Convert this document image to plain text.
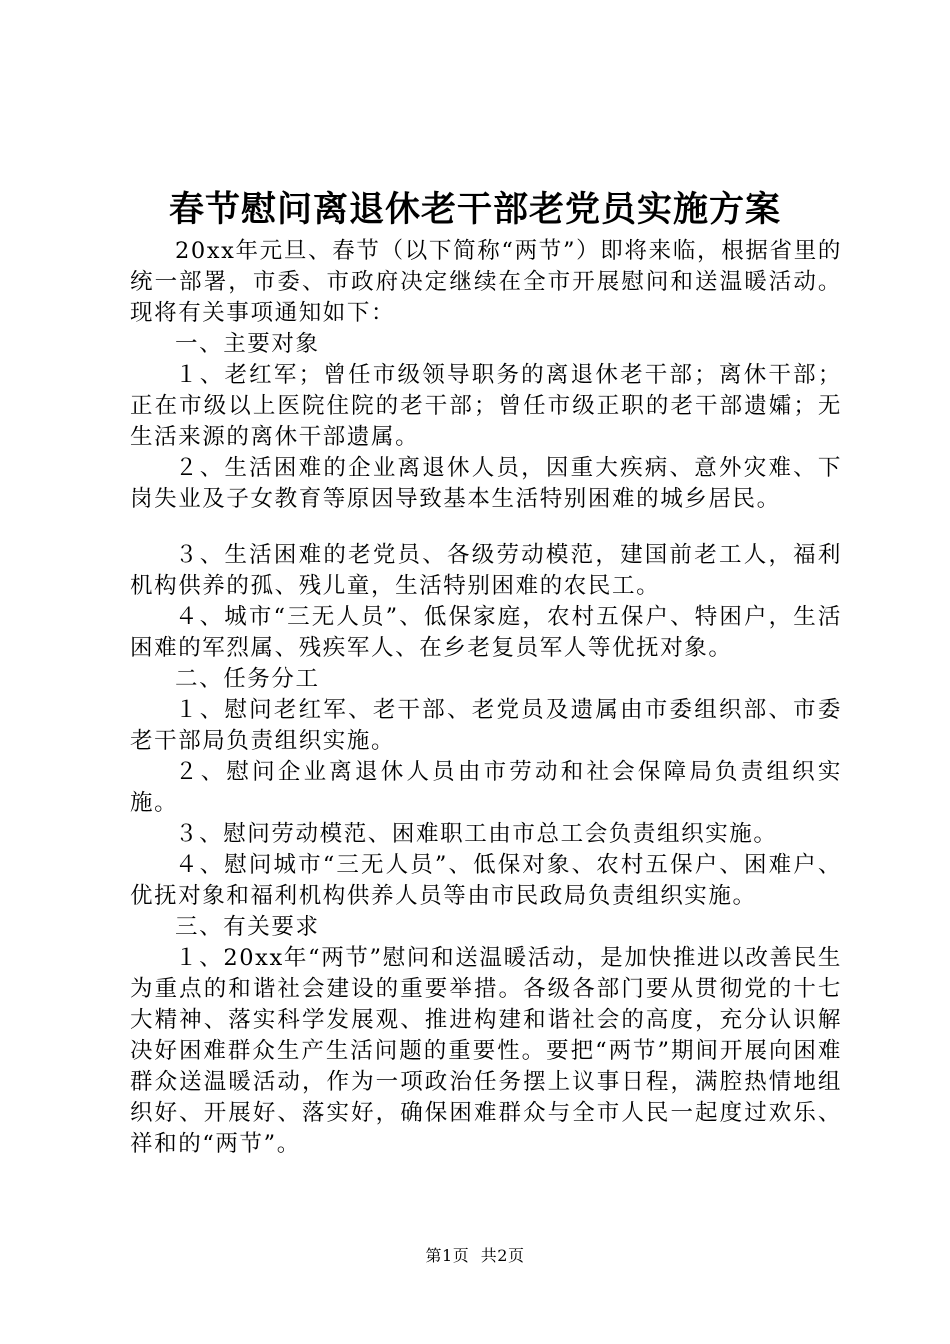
春节慰问离退休老干部老党员实施方案

20xx年元旦、春节（以下简称“两节”）即将来临，根据省里的统一部署，市委、市政府决定继续在全市开展慰问和送温暖活动。现将有关事项通知如下：

一、主要对象

１、老红军；曾任市级领导职务的离退休老干部；离休干部；正在市级以上医院住院的老干部；曾任市级正职的老干部遗孀；无生活来源的离休干部遗属。

２、生活困难的企业离退休人员，因重大疾病、意外灾难、下岗失业及子女教育等原因导致基本生活特别困难的城乡居民。

３、生活困难的老党员、各级劳动模范，建国前老工人，福利机构供养的孤、残儿童，生活特别困难的农民工。

４、城市“三无人员”、低保家庭，农村五保户、特困户，生活困难的军烈属、残疾军人、在乡老复员军人等优抚对象。

二、任务分工

１、慰问老红军、老干部、老党员及遗属由市委组织部、市委老干部局负责组织实施。

２、慰问企业离退休人员由市劳动和社会保障局负责组织实施。

３、慰问劳动模范、困难职工由市总工会负责组织实施。

４、慰问城市“三无人员”、低保对象、农村五保户、困难户、优抚对象和福利机构供养人员等由市民政局负责组织实施。

三、有关要求

１、20xx年“两节”慰问和送温暖活动，是加快推进以改善民生为重点的和谐社会建设的重要举措。各级各部门要从贯彻党的十七大精神、落实科学发展观、推进构建和谐社会的高度，充分认识解决好困难群众生产生活问题的重要性。要把“两节”期间开展向困难群众送温暖活动，作为一项政治任务摆上议事日程，满腔热情地组织好、开展好、落实好，确保困难群众与全市人民一起度过欢乐、祥和的“两节”。

第1页 共2页
